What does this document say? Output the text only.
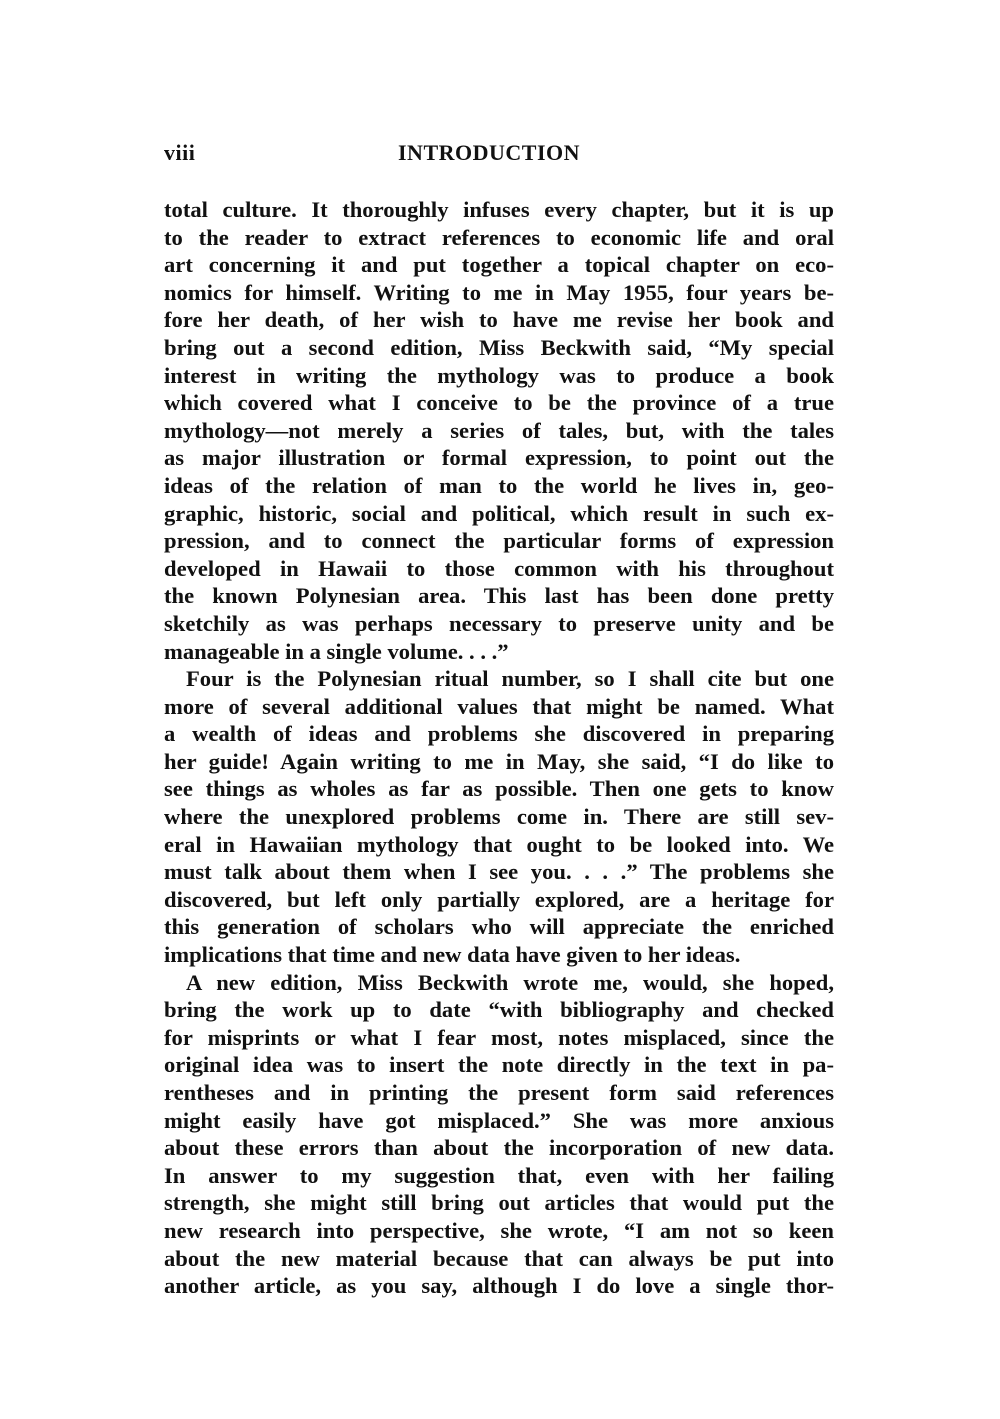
viii	INTRODUCTION
total culture. It thoroughly infuses every chapter, but it is up
to the reader to extract references to economic life and oral
art concerning it and put together a topical chapter on eco-
nomics for himself. Writing to me in May 1955, four years be-
fore her death, of her wish to have me revise her book and
bring out a second edition, Miss Beckwith said, “My special
interest in writing the mythology was to produce a book
which covered what I conceive to be the province of a true
mythology—not merely a series of tales, but, with the tales
as major illustration or formal expression, to point out the
ideas of the relation of man to the world he lives in, geo-
graphic, historic, social and political, which result in such ex-
pression, and to connect the particular forms of expression
developed in Hawaii to those common with his throughout
the known Polynesian area. This last has been done pretty
sketchily as was perhaps necessary to preserve unity and be
manageable in a single volume. . . .”
Four is the Polynesian ritual number, so I shall cite but one
more of several additional values that might be named. What
a wealth of ideas and problems she discovered in preparing
her guide! Again writing to me in May, she said, “I do like to
see things as wholes as far as possible. Then one gets to know
where the unexplored problems come in. There are still sev-
eral in Hawaiian mythology that ought to be looked into. We
must talk about them when I see you. . . .” The problems she
discovered, but left only partially explored, are a heritage for
this generation of scholars who will appreciate the enriched
implications that time and new data have given to her ideas.
A new edition, Miss Beckwith wrote me, would, she hoped,
bring the work up to date “with bibliography and checked
for misprints or what I fear most, notes misplaced, since the
original idea was to insert the note directly in the text in pa-
rentheses and in printing the present form said references
might easily have got misplaced.” She was more anxious
about these errors than about the incorporation of new data.
In answer to my suggestion that, even with her failing
strength, she might still bring out articles that would put the
new research into perspective, she wrote, “I am not so keen
about the new material because that can always be put into
another article, as you say, although I do love a single thor-
